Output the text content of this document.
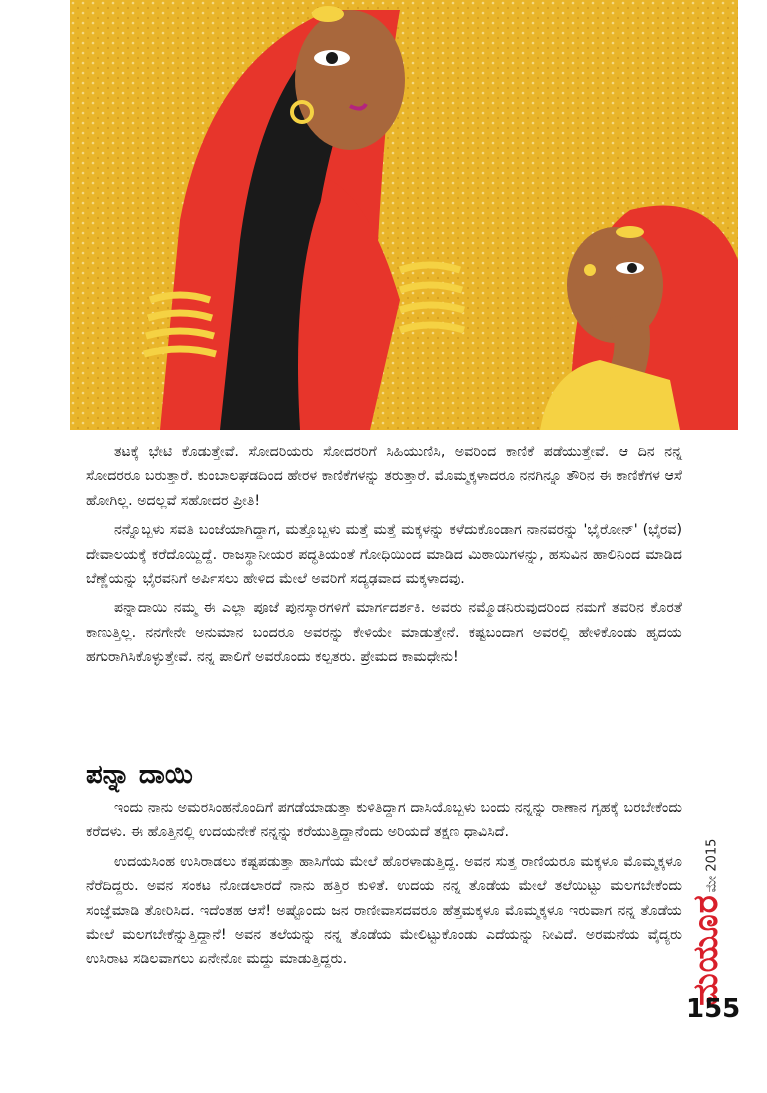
ತಟಕ್ಕೆ ಭೇಟಿ ಕೊಡುತ್ತೇವೆ. ಸೋದರಿಯರು ಸೋದರರಿಗೆ ಸಿಹಿಯುಣಿಸಿ, ಅವರಿಂದ ಕಾಣಿಕೆ ಪಡೆಯುತ್ತೇವೆ. ಆ ದಿನ ನನ್ನ ಸೋದರರೂ ಬರುತ್ತಾರೆ. ಕುಂಬಾಲಘಡದಿಂದ ಹೇರಳ ಕಾಣಿಕೆಗಳನ್ನು ತರುತ್ತಾರೆ. ಮೊಮ್ಮಕ್ಕಳಾದರೂ ನನಗಿನ್ನೂ ತೌರಿನ ಈ ಕಾಣಿಕೆಗಳ ಆಸೆ ಹೋಗಿಲ್ಲ. ಅದಲ್ಲವೆ ಸಹೋದರ ಪ್ರೀತಿ!

ನನ್ನೊಬ್ಬಳು ಸವತಿ ಬಂಜೆಯಾಗಿದ್ದಾಗ, ಮತ್ತೊಬ್ಬಳು ಮತ್ತೆ ಮತ್ತೆ ಮಕ್ಕಳನ್ನು ಕಳೆದುಕೊಂಡಾಗ ನಾನವರನ್ನು 'ಭೈರೋನ್' (ಭೈರವ) ದೇವಾಲಯಕ್ಕೆ ಕರೆದೊಯ್ದಿದ್ದೆ. ರಾಜಸ್ಥಾನೀಯರ ಪದ್ಧತಿಯಂತೆ ಗೋಧಿಯಿಂದ ಮಾಡಿದ ಮಿಠಾಯಿಗಳನ್ನು, ಹಸುವಿನ ಹಾಲಿನಿಂದ ಮಾಡಿದ ಬೆಣ್ಣೆಯನ್ನು ಭೈರವನಿಗೆ ಅರ್ಪಿಸಲು ಹೇಳಿದ ಮೇಲೆ ಅವರಿಗೆ ಸದ್ಯಢವಾದ ಮಕ್ಕಳಾದವು.

ಪನ್ನಾದಾಯಿ ನಮ್ಮ ಈ ಎಲ್ಲಾ ಪೂಜೆ ಪುನಸ್ಕಾರಗಳಿಗೆ ಮಾರ್ಗದರ್ಶಕಿ. ಅವರು ನಮ್ಮೊಡನಿರುವುದರಿಂದ ನಮಗೆ ತವರಿನ ಕೊರತೆ ಕಾಣುತ್ತಿಲ್ಲ. ನನಗೇನೇ ಅನುಮಾನ ಬಂದರೂ ಅವರನ್ನು ಕೇಳಿಯೇ ಮಾಡುತ್ತೇನೆ. ಕಷ್ಟಬಂದಾಗ ಅವರಲ್ಲಿ ಹೇಳಿಕೊಂಡು ಹೃದಯ ಹಗುರಾಗಿಸಿಕೊಳ್ಳುತ್ತೇವೆ. ನನ್ನ ಪಾಲಿಗೆ ಅವರೊಂದು ಕಲ್ಪತರು. ಪ್ರೇಮದ ಕಾಮಧೇನು!

ಪನ್ನಾ ದಾಯಿ

ಇಂದು ನಾನು ಅಮರಸಿಂಹನೊಂದಿಗೆ ಪಗಡೆಯಾಡುತ್ತಾ ಕುಳಿತಿದ್ದಾಗ ದಾಸಿಯೊಬ್ಬಳು ಬಂದು ನನ್ನನ್ನು ರಾಣಾನ ಗೃಹಕ್ಕೆ ಬರಬೇಕೆಂದು ಕರೆದಳು. ಈ ಹೊತ್ತಿನಲ್ಲಿ ಉದಯನೇಕೆ ನನ್ನನ್ನು ಕರೆಯುತ್ತಿದ್ದಾನೆಂದು ಅರಿಯದೆ ತಕ್ಷಣ ಧಾವಿಸಿದೆ.

ಉದಯಸಿಂಹ ಉಸಿರಾಡಲು ಕಷ್ಟಪಡುತ್ತಾ ಹಾಸಿಗೆಯ ಮೇಲೆ ಹೊರಳಾಡುತ್ತಿದ್ದ. ಅವನ ಸುತ್ತ ರಾಣಿಯರೂ ಮಕ್ಕಳೂ ಮೊಮ್ಮಕ್ಕಳೂ ನೆರೆದಿದ್ದರು. ಅವನ ಸಂಕಟ ನೋಡಲಾರದೆ ನಾನು ಹತ್ತಿರ ಕುಳಿತೆ. ಉದಯ ನನ್ನ ತೊಡೆಯ ಮೇಲೆ ತಲೆಯಿಟ್ಟು ಮಲಗಬೇಕೆಂದು ಸಂಜ್ಞೆಮಾಡಿ ತೋರಿಸಿದ. ಇದೆಂತಹ ಆಸೆ! ಅಷ್ಟೊಂದು ಜನ ರಾಣೀವಾಸದವರೂ ಹೆತ್ತಮಕ್ಕಳೂ ಮೊಮ್ಮಕ್ಕಳೂ ಇರುವಾಗ ನನ್ನ ತೊಡೆಯ ಮೇಲೆ ಮಲಗಬೇಕೆನ್ನುತ್ತಿದ್ದಾನೆ! ಅವನ ತಲೆಯನ್ನು ನನ್ನ ತೊಡೆಯ ಮೇಲಿಟ್ಟುಕೊಂಡು ಎದೆಯನ್ನು ನೀವಿದೆ. ಅರಮನೆಯ ವೈದ್ಯರು ಉಸಿರಾಟ ಸಡಿಲವಾಗಲು ಏನೇನೋ ಮದ್ದು ಮಾಡುತ್ತಿದ್ದರು.

ಮೇ 2015
ಮಯೂರ
155
